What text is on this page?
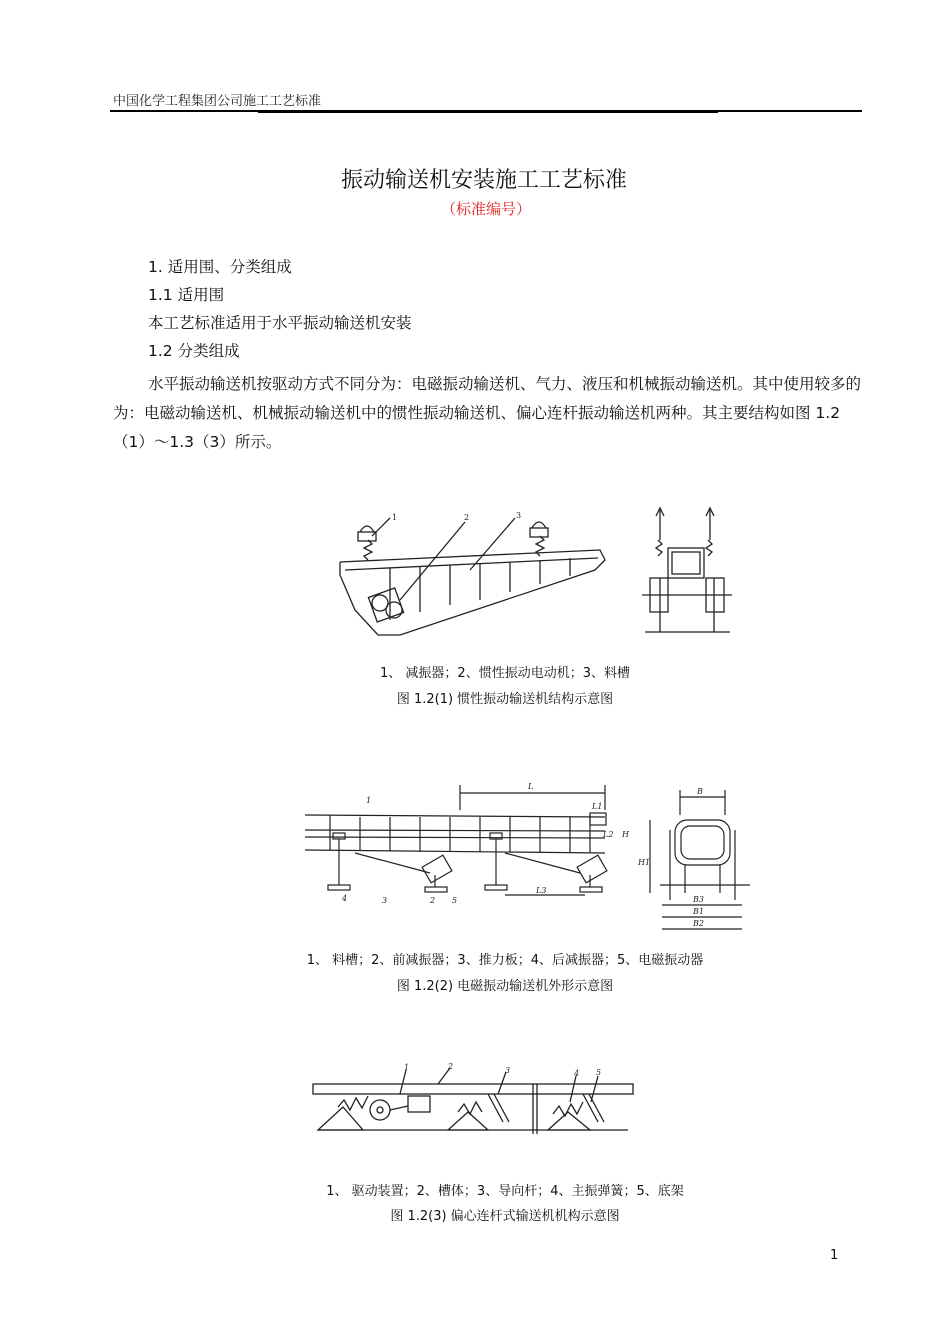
中国化学工程集团公司施工工艺标准
振动输送机安装施工工艺标准
（标准编号）
1. 适用围、分类组成
1.1 适用围
本工艺标准适用于水平振动输送机安装
1.2 分类组成
水平振动输送机按驱动方式不同分为：电磁振动输送机、气力、液压和机械振动输送机。其中使用较多的为：电磁动输送机、机械振动输送机中的惯性振动输送机、偏心连杆振动输送机两种。其主要结构如图 1.2（1）～1.3（3）所示。
1	2	3
1、 减振器；2、惯性振动电动机；3、料槽
图 1.2(1) 惯性振动输送机结构示意图
1
2
3
4	5
L
L1
L2
L3
H
H1
B
B1
B2
B3
1、 料槽；2、前减振器；3、推力板；4、后减振器；5、电磁振动器
图 1.2(2) 电磁振动输送机外形示意图
1	2	3	4 5
1、 驱动装置；2、槽体；3、导向杆；4、主振弹簧；5、底架
图 1.2(3) 偏心连杆式输送机机构示意图
1
